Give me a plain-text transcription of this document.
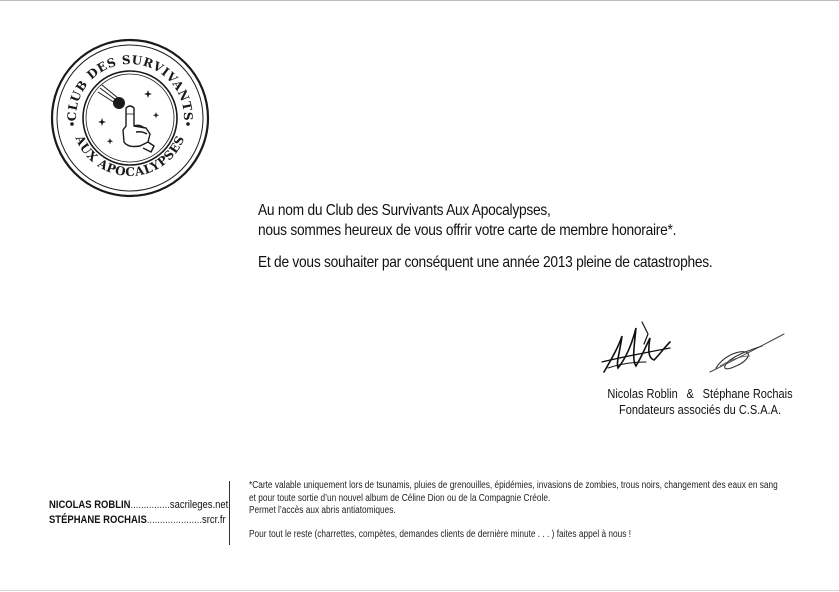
CLUB DES SURVIVANTS
AUX APOCALYPSES

Au nom du Club des Survivants Aux Apocalypses,

nous sommes heureux de vous offrir votre carte de membre honoraire*.

Et de vous souhaiter par conséquent une année 2013 pleine de catastrophes.

Nicolas Roblin & Stéphane Rochais
Fondateurs associés du C.S.A.A.
NICOLAS ROBLIN...............sacrileges.net
STÉPHANE ROCHAIS.....................srcr.fr
*Carte valable uniquement lors de tsunamis, pluies de grenouilles, épidémies, invasions de zombies, trous noirs, changement des eaux en sang
et pour toute sortie d’un nouvel album de Céline Dion ou de la Compagnie Créole.
Permet l’accès aux abris antiatomiques.
Pour tout le reste (charrettes, compètes, demandes clients de dernière minute . . . ) faites appel à nous !
